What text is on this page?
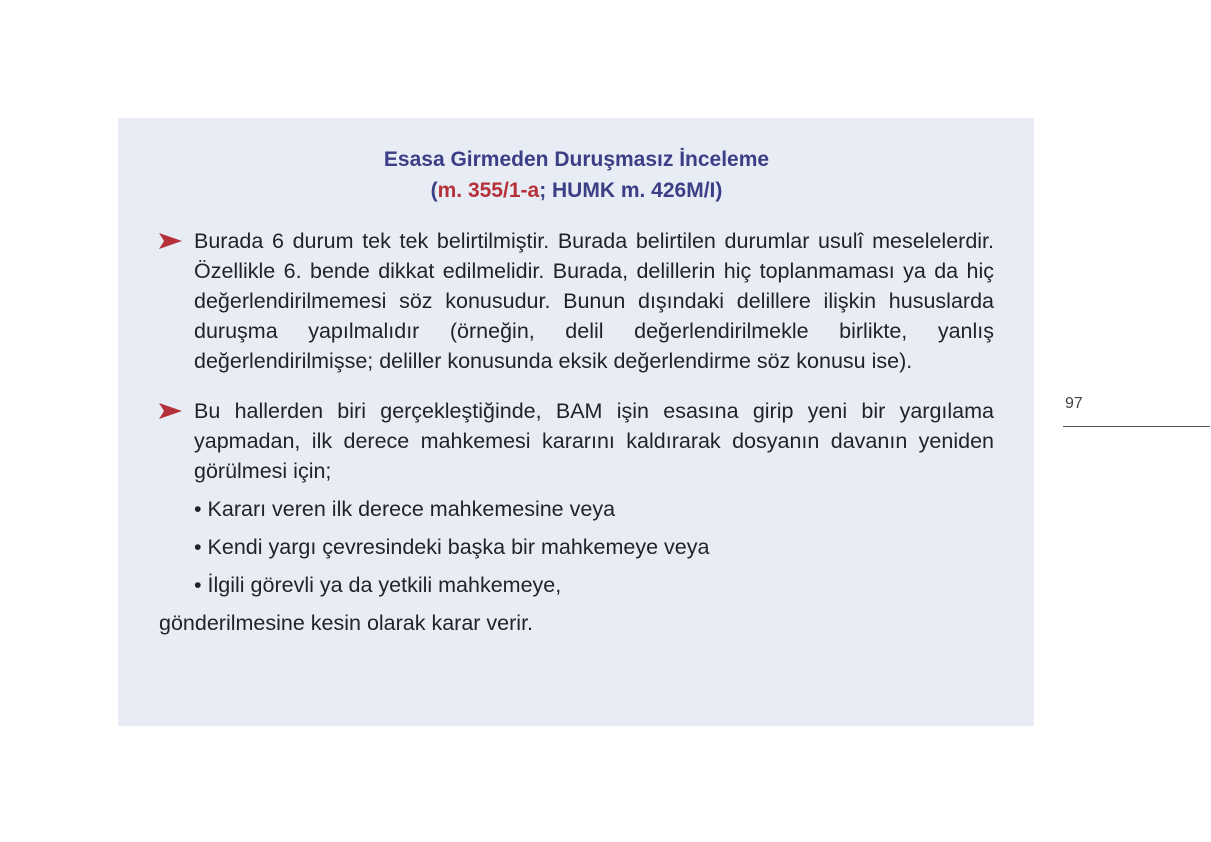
Esasa Girmeden Duruşmasız İnceleme
(m. 355/1-a; HUMK m. 426M/I)
Burada 6 durum tek tek belirtilmiştir. Burada belirtilen durumlar usulî meselelerdir. Özellikle 6. bende dikkat edilmelidir. Burada, delillerin hiç toplanmaması ya da hiç değerlendirilmemesi söz konusudur. Bunun dışındaki delillere ilişkin hususlarda duruşma yapılmalıdır (örneğin, delil değerlendirilmekle birlikte, yanlış değerlendirilmişse; deliller konusunda eksik değerlendirme söz konusu ise).
Bu hallerden biri gerçekleştiğinde, BAM işin esasına girip yeni bir yargılama yapmadan, ilk derece mahkemesi kararını kaldırarak dosyanın davanın yeniden görülmesi için;
• Kararı veren ilk derece mahkemesine veya
• Kendi yargı çevresindeki başka bir mahkemeye veya
• İlgili görevli ya da yetkili mahkemeye,
gönderilmesine kesin olarak karar verir.
97
